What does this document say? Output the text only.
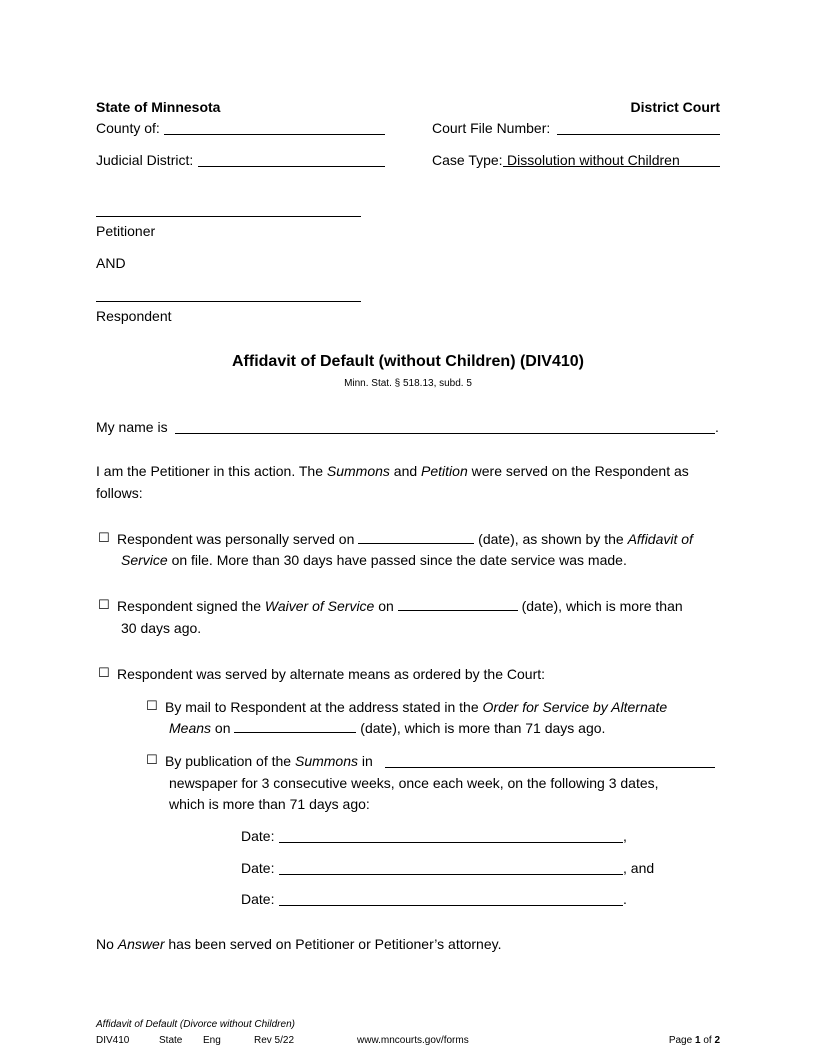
State of Minnesota	District Court
County of:	Court File Number:
Judicial District:	Case Type: Dissolution without Children
Petitioner
AND
Respondent
Affidavit of Default (without Children) (DIV410)
Minn. Stat. § 518.13, subd. 5
My name is	.
I am the Petitioner in this action. The Summons and Petition were served on the Respondent as
follows:
☐ Respondent was personally served on	(date), as shown by the Affidavit of
Service on file. More than 30 days have passed since the date service was made.
☐ Respondent signed the Waiver of Service on	(date), which is more than
30 days ago.
☐ Respondent was served by alternate means as ordered by the Court:
☐ By mail to Respondent at the address stated in the Order for Service by Alternate
Means on	(date), which is more than 71 days ago.
☐ By publication of the Summons in
newspaper for 3 consecutive weeks, once each week, on the following 3 dates,
which is more than 71 days ago:
Date:	,
Date:	, and
Date:	.
No Answer has been served on Petitioner or Petitioner’s attorney.
Affidavit of Default (Divorce without Children)
DIV410	State Eng	Rev 5/22	www.mncourts.gov/forms	Page 1 of 2
